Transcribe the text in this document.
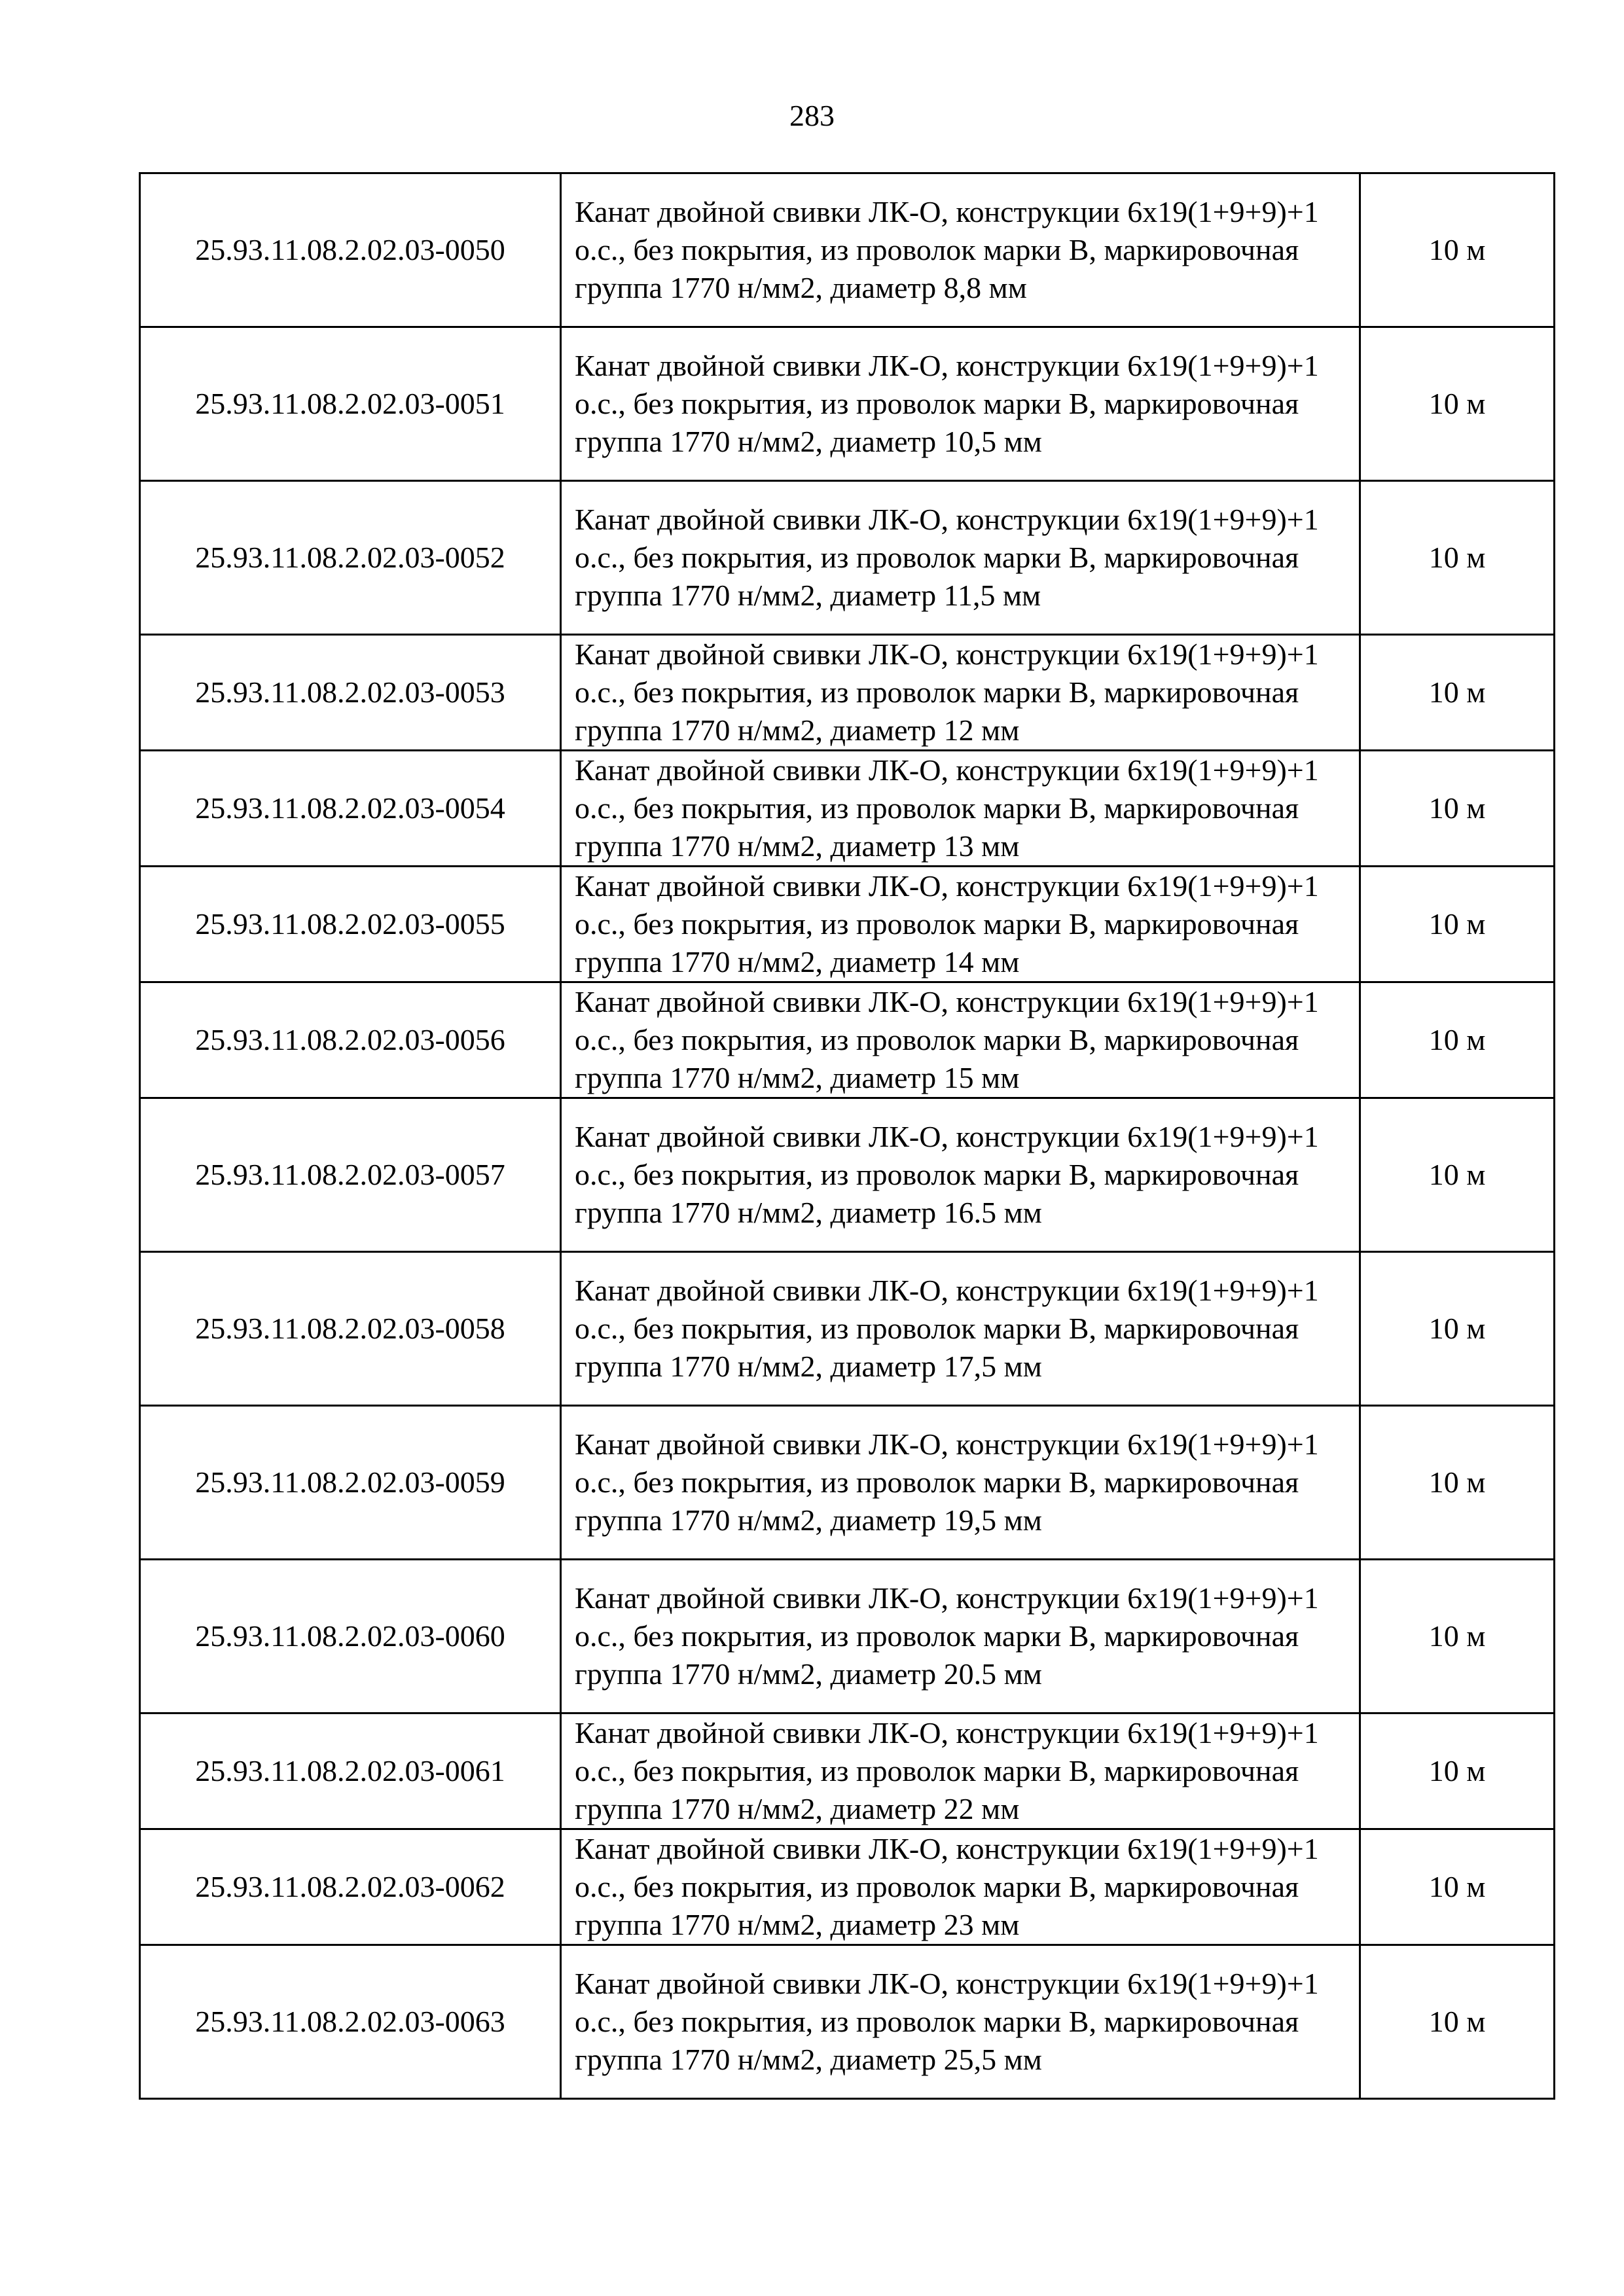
283
25.93.11.08.2.02.03-0050	Канат двойной свивки ЛК-О, конструкции 6х19(1+9+9)+1 о.с., без покрытия, из проволок марки В, маркировочная группа 1770 н/мм2, диаметр 8,8 мм	10 м
25.93.11.08.2.02.03-0051	Канат двойной свивки ЛК-О, конструкции 6х19(1+9+9)+1 о.с., без покрытия, из проволок марки В, маркировочная группа 1770 н/мм2, диаметр 10,5 мм	10 м
25.93.11.08.2.02.03-0052	Канат двойной свивки ЛК-О, конструкции 6х19(1+9+9)+1 о.с., без покрытия, из проволок марки В, маркировочная группа 1770 н/мм2, диаметр 11,5 мм	10 м
25.93.11.08.2.02.03-0053	Канат двойной свивки ЛК-О, конструкции 6х19(1+9+9)+1 о.с., без покрытия, из проволок марки В, маркировочная группа 1770 н/мм2, диаметр 12 мм	10 м
25.93.11.08.2.02.03-0054	Канат двойной свивки ЛК-О, конструкции 6х19(1+9+9)+1 о.с., без покрытия, из проволок марки В, маркировочная группа 1770 н/мм2, диаметр 13 мм	10 м
25.93.11.08.2.02.03-0055	Канат двойной свивки ЛК-О, конструкции 6х19(1+9+9)+1 о.с., без покрытия, из проволок марки В, маркировочная группа 1770 н/мм2, диаметр 14 мм	10 м
25.93.11.08.2.02.03-0056	Канат двойной свивки ЛК-О, конструкции 6х19(1+9+9)+1 о.с., без покрытия, из проволок марки В, маркировочная группа 1770 н/мм2, диаметр 15 мм	10 м
25.93.11.08.2.02.03-0057	Канат двойной свивки ЛК-О, конструкции 6х19(1+9+9)+1 о.с., без покрытия, из проволок марки В, маркировочная группа 1770 н/мм2, диаметр 16.5 мм	10 м
25.93.11.08.2.02.03-0058	Канат двойной свивки ЛК-О, конструкции 6х19(1+9+9)+1 о.с., без покрытия, из проволок марки В, маркировочная группа 1770 н/мм2, диаметр 17,5 мм	10 м
25.93.11.08.2.02.03-0059	Канат двойной свивки ЛК-О, конструкции 6х19(1+9+9)+1 о.с., без покрытия, из проволок марки В, маркировочная группа 1770 н/мм2, диаметр 19,5 мм	10 м
25.93.11.08.2.02.03-0060	Канат двойной свивки ЛК-О, конструкции 6х19(1+9+9)+1 о.с., без покрытия, из проволок марки В, маркировочная группа 1770 н/мм2, диаметр 20.5 мм	10 м
25.93.11.08.2.02.03-0061	Канат двойной свивки ЛК-О, конструкции 6х19(1+9+9)+1 о.с., без покрытия, из проволок марки В, маркировочная группа 1770 н/мм2, диаметр 22 мм	10 м
25.93.11.08.2.02.03-0062	Канат двойной свивки ЛК-О, конструкции 6х19(1+9+9)+1 о.с., без покрытия, из проволок марки В, маркировочная группа 1770 н/мм2, диаметр 23 мм	10 м
25.93.11.08.2.02.03-0063	Канат двойной свивки ЛК-О, конструкции 6х19(1+9+9)+1 о.с., без покрытия, из проволок марки В, маркировочная группа 1770 н/мм2, диаметр 25,5 мм	10 м
